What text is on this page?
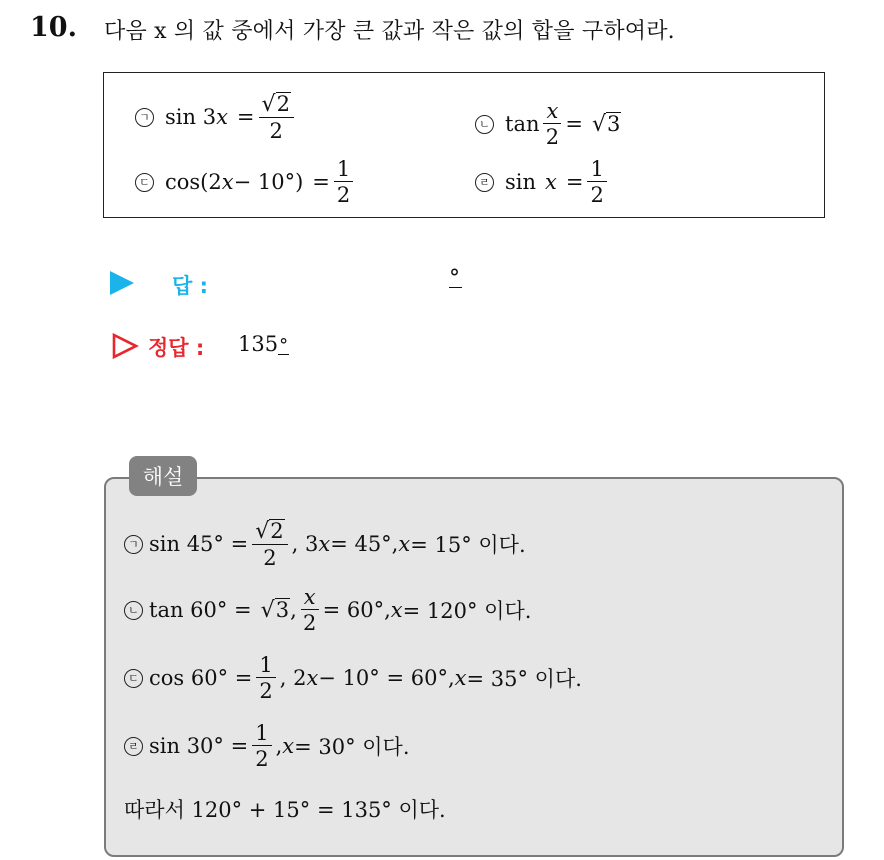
10. 다음 x 의 값 중에서 가장 큰 값과 작은 값의 합을 구하여라.
ㄱ sin 3 $x = \frac{√ 2}{2}$	ㄴ $\tan \frac{x}{2}$ = √ 3
ㄷ cos(2 $x - 10^\circ) = \frac{1}{2}$	ㄹ $\sin x = \frac{1}{2}$
답 :	°
정답 : 135°
해설
ㄱ $\sin 45^\circ = \frac{√ 2}{2}$ , 3 x = 45°, x = 15° 이다.
ㄴ tan 60° = √ 3 , $\frac{x}{2} = 60^\circ$, x = 120° 이다.
ㄷ $\cos 60^\circ = \frac{1}{2}$ , 2 x − 10° = 60°, x = 35° 이다.
ㄹ $\sin 30^\circ = \frac{1}{2}$ , x = 30° 이다.
따라서 120° + 15° = 135° 이다.
